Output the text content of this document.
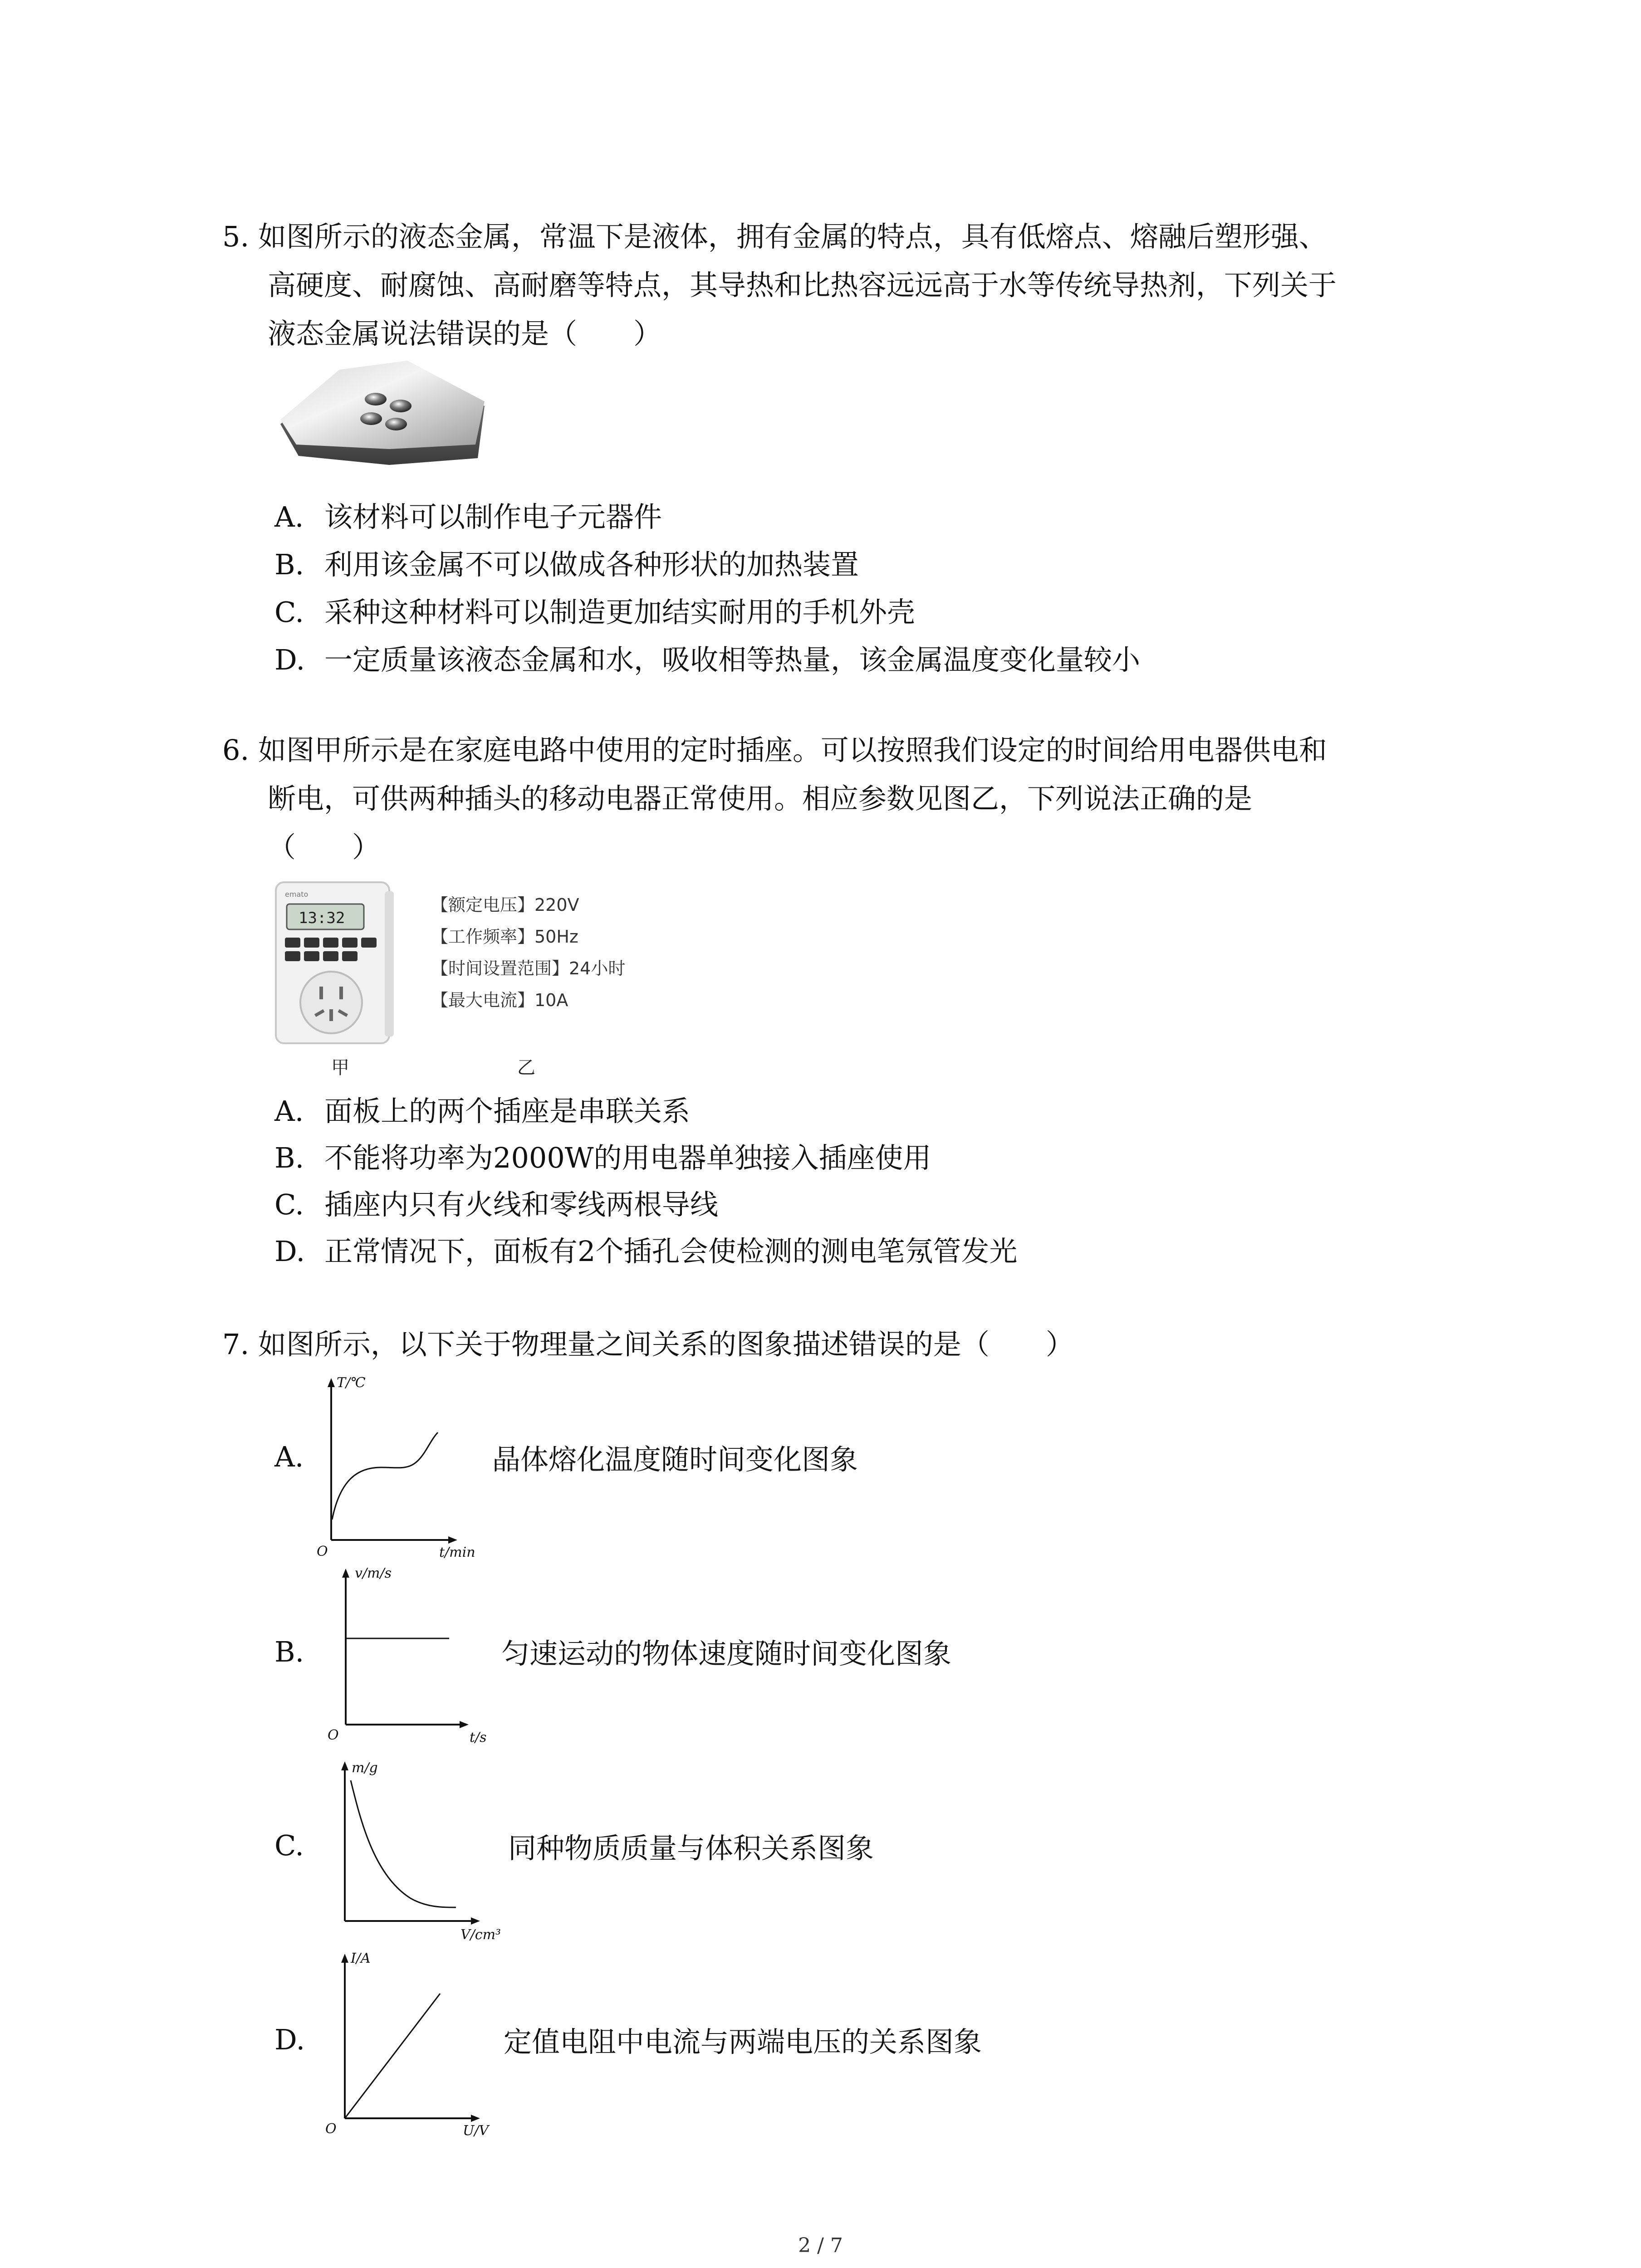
5. 如图所示的液态金属，常温下是液体，拥有金属的特点，具有低熔点、熔融后塑形强、
高硬度、耐腐蚀、高耐磨等特点，其导热和比热容远远高于水等传统导热剂，下列关于
液态金属说法错误的是（　　）
A. 该材料可以制作电子元器件
B. 利用该金属不可以做成各种形状的加热装置
C. 采种这种材料可以制造更加结实耐用的手机外壳
D. 一定质量该液态金属和水，吸收相等热量，该金属温度变化量较小
6. 如图甲所示是在家庭电路中使用的定时插座。可以按照我们设定的时间给用电器供电和
断电，可供两种插头的移动电器正常使用。相应参数见图乙，下列说法正确的是
（　　）
emato
13:32
【额定电压】220V
【工作频率】50Hz
【时间设置范围】24小时
【最大电流】10A
甲	乙
A. 面板上的两个插座是串联关系
B. 不能将功率为2000W的用电器单独接入插座使用
C. 插座内只有火线和零线两根导线
D. 正常情况下，面板有2个插孔会使检测的测电笔氖管发光
7. 如图所示，以下关于物理量之间关系的图象描述错误的是（　　）
A.
T/℃
t/min
O
晶体熔化温度随时间变化图象
B.
v/m/s
t/s
O
匀速运动的物体速度随时间变化图象
C.
m/g
V/cm³
同种物质质量与体积关系图象
D.
I/A
U/V
O
定值电阻中电流与两端电压的关系图象
2 / 7
